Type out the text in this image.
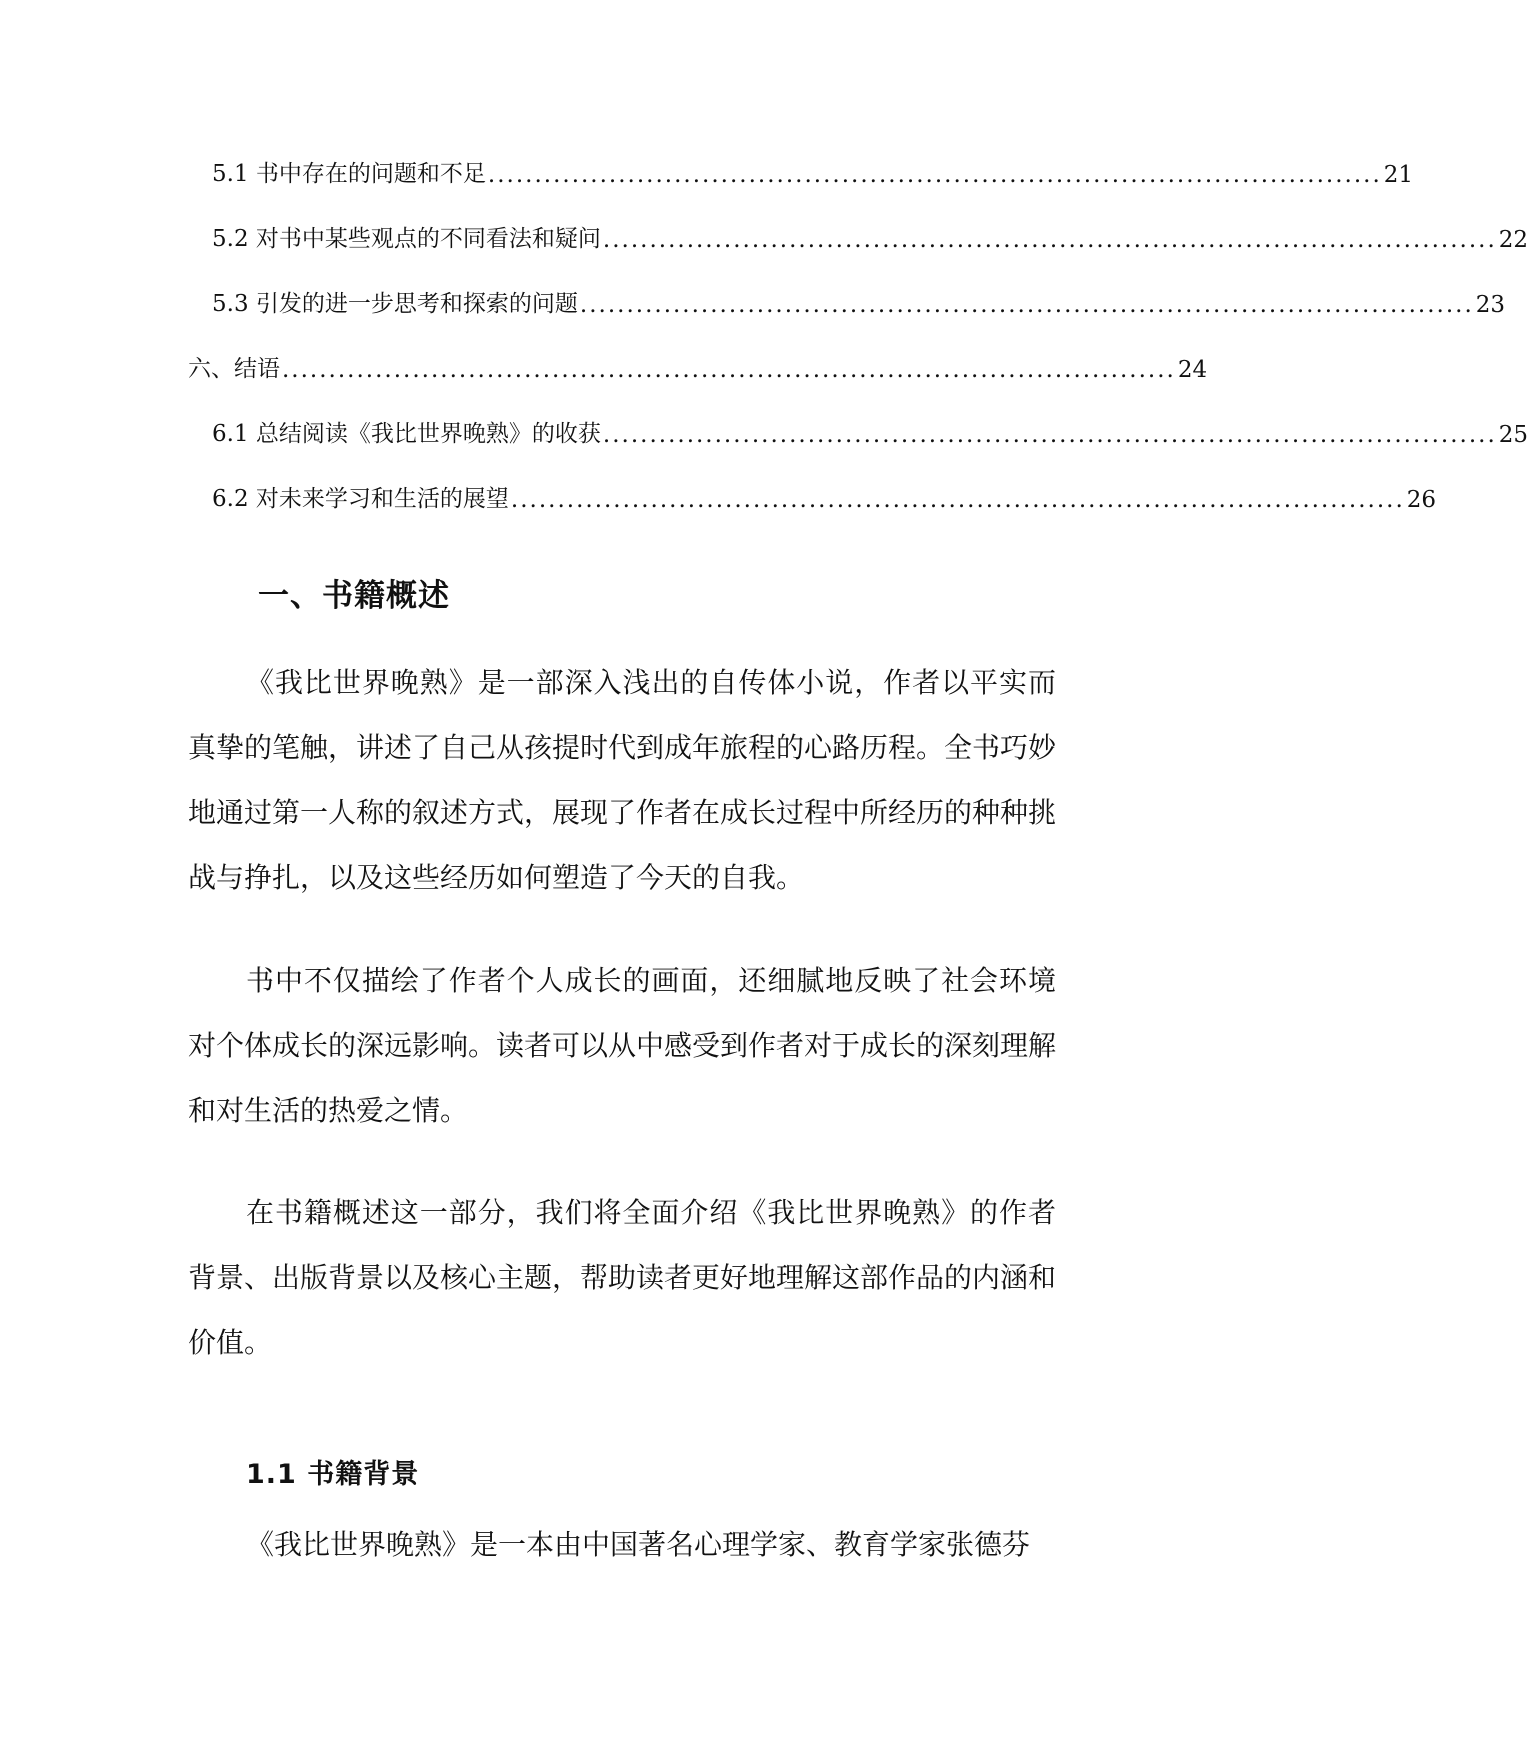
5.1 书中存在的问题和不足 ................................................................................................ 21
5.2 对书中某些观点的不同看法和疑问 ................................................................................................ 22
5.3 引发的进一步思考和探索的问题 ................................................................................................ 23
六、结语 ................................................................................................ 24
6.1 总结阅读《我比世界晚熟》的收获 ................................................................................................ 25
6.2 对未来学习和生活的展望 ................................................................................................ 26
一、书籍概述

《我比世界晚熟》是一部深入浅出的自传体小说，作者以平实而真挚的笔触，讲述了自己从孩提时代到成年旅程的心路历程。全书巧妙地通过第一人称的叙述方式，展现了作者在成长过程中所经历的种种挑战与挣扎，以及这些经历如何塑造了今天的自我。

书中不仅描绘了作者个人成长的画面，还细腻地反映了社会环境对个体成长的深远影响。读者可以从中感受到作者对于成长的深刻理解和对生活的热爱之情。

在书籍概述这一部分，我们将全面介绍《我比世界晚熟》的作者背景、出版背景以及核心主题，帮助读者更好地理解这部作品的内涵和价值。

1.1 书籍背景

《我比世界晚熟》是一本由中国著名心理学家、教育学家张德芬
